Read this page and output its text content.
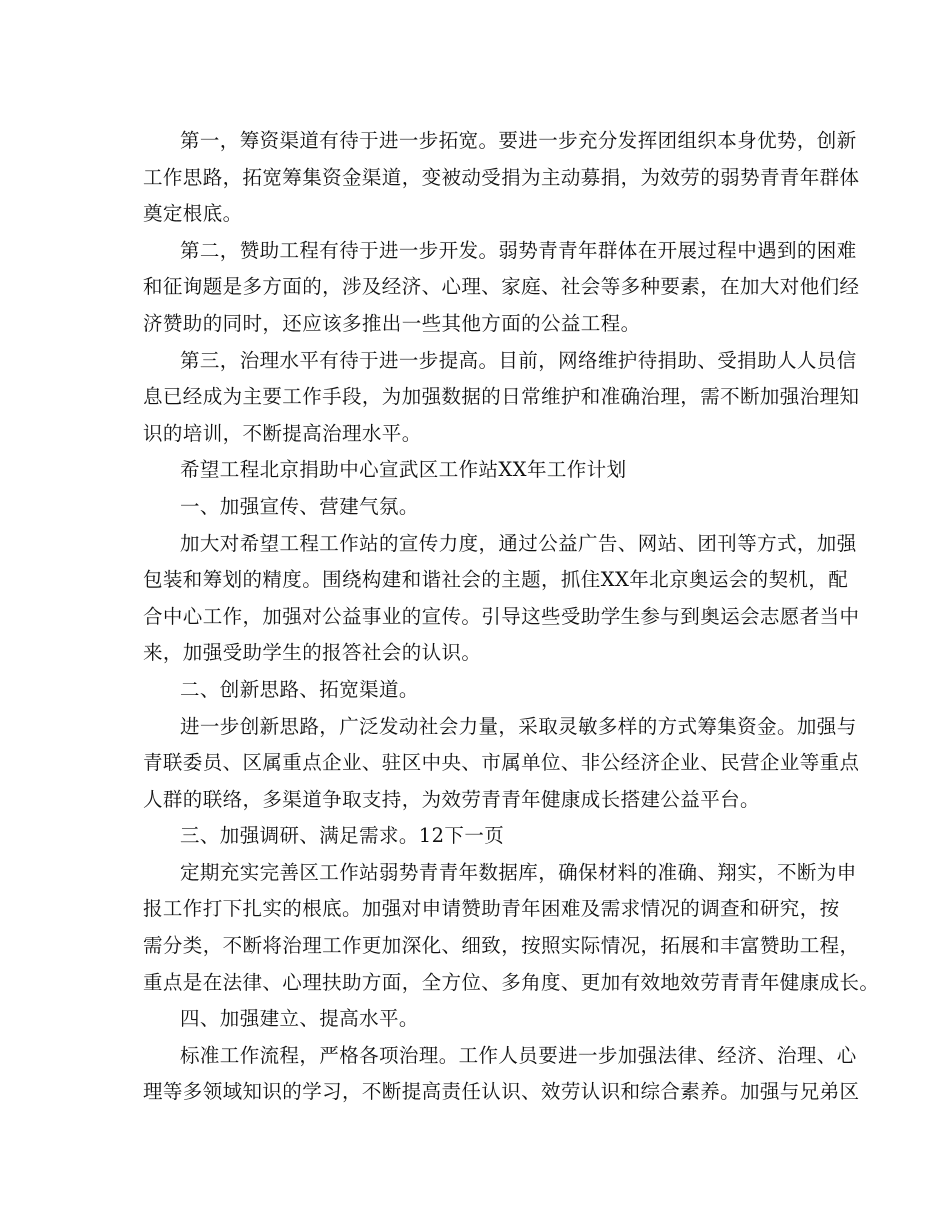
第一，筹资渠道有待于进一步拓宽。要进一步充分发挥团组织本身优势，创新
工作思路，拓宽筹集资金渠道，变被动受捐为主动募捐，为效劳的弱势青青年群体
奠定根底。
第二，赞助工程有待于进一步开发。弱势青青年群体在开展过程中遇到的困难
和征询题是多方面的，涉及经济、心理、家庭、社会等多种要素，在加大对他们经
济赞助的同时，还应该多推出一些其他方面的公益工程。
第三，治理水平有待于进一步提高。目前，网络维护待捐助、受捐助人人员信
息已经成为主要工作手段，为加强数据的日常维护和准确治理，需不断加强治理知
识的培训，不断提高治理水平。
希望工程北京捐助中心宣武区工作站XX年工作计划
一、加强宣传、营建气氛。
加大对希望工程工作站的宣传力度，通过公益广告、网站、团刊等方式，加强
包装和筹划的精度。围绕构建和谐社会的主题，抓住XX年北京奥运会的契机，配
合中心工作，加强对公益事业的宣传。引导这些受助学生参与到奥运会志愿者当中
来，加强受助学生的报答社会的认识。
二、创新思路、拓宽渠道。
进一步创新思路，广泛发动社会力量，采取灵敏多样的方式筹集资金。加强与
青联委员、区属重点企业、驻区中央、市属单位、非公经济企业、民营企业等重点
人群的联络，多渠道争取支持，为效劳青青年健康成长搭建公益平台。
三、加强调研、满足需求。12下一页
定期充实完善区工作站弱势青青年数据库，确保材料的准确、翔实，不断为申
报工作打下扎实的根底。加强对申请赞助青年困难及需求情况的调查和研究，按
需分类，不断将治理工作更加深化、细致，按照实际情况，拓展和丰富赞助工程，
重点是在法律、心理扶助方面，全方位、多角度、更加有效地效劳青青年健康成长。
四、加强建立、提高水平。
标准工作流程，严格各项治理。工作人员要进一步加强法律、经济、治理、心
理等多领域知识的学习，不断提高责任认识、效劳认识和综合素养。加强与兄弟区
